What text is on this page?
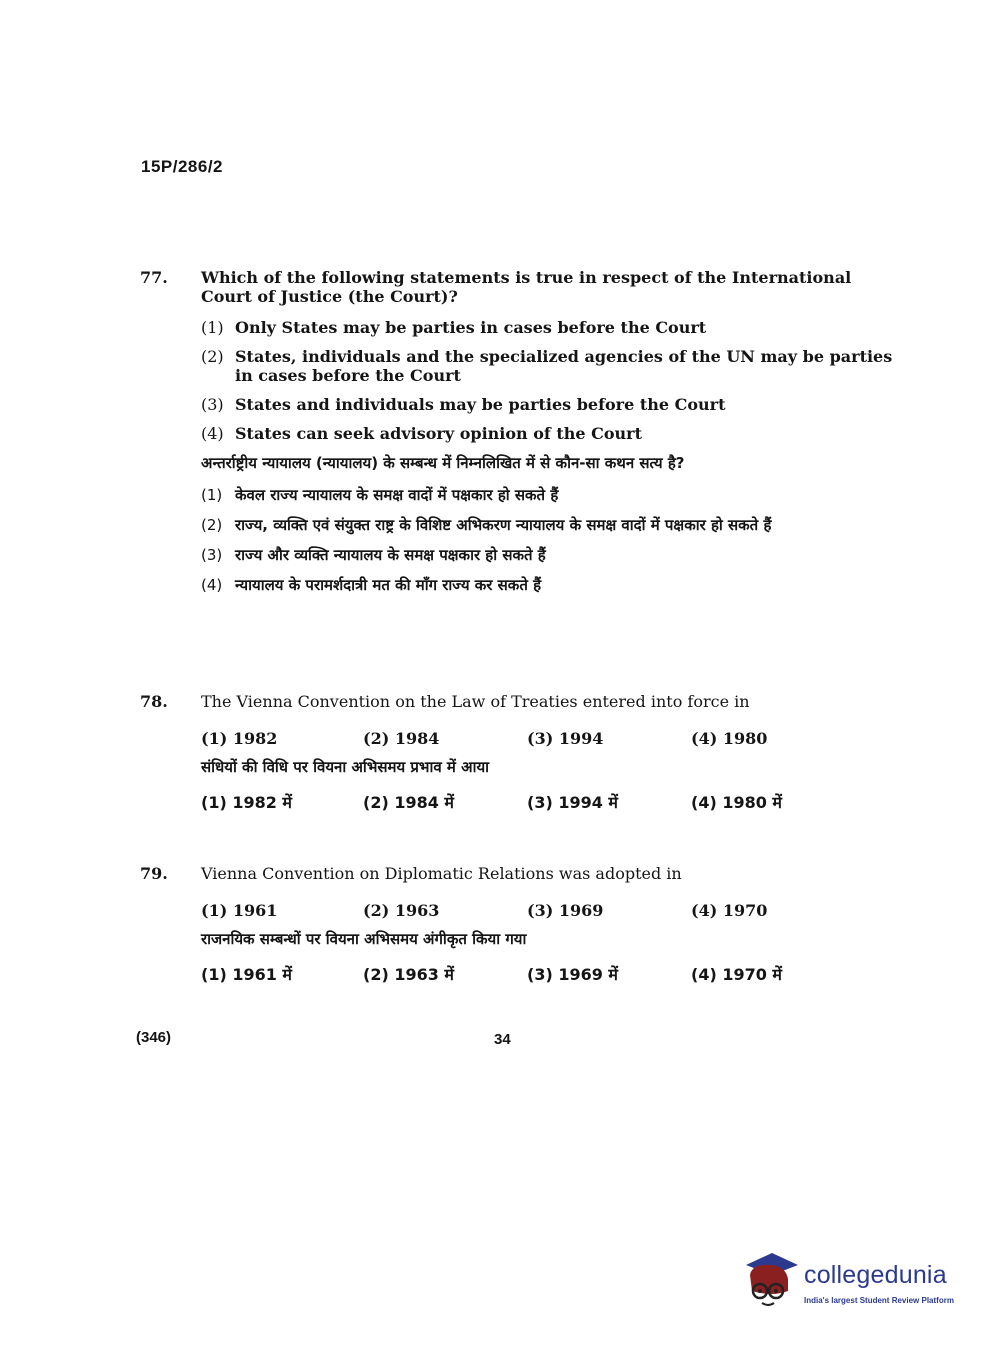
15P/286/2
77. Which of the following statements is true in respect of the International Court of Justice (the Court)?
(1) Only States may be parties in cases before the Court
(2) States, individuals and the specialized agencies of the UN may be parties in cases before the Court
(3) States and individuals may be parties before the Court
(4) States can seek advisory opinion of the Court
अन्तर्राष्ट्रीय न्यायालय (न्यायालय) के सम्बन्ध में निम्नलिखित में से कौन-सा कथन सत्य है?
(1) केवल राज्य न्यायालय के समक्ष वादों में पक्षकार हो सकते हैं
(2) राज्य, व्यक्ति एवं संयुक्त राष्ट्र के विशिष्ट अभिकरण न्यायालय के समक्ष वादों में पक्षकार हो सकते हैं
(3) राज्य और व्यक्ति न्यायालय के समक्ष पक्षकार हो सकते हैं
(4) न्यायालय के परामर्शदात्री मत की माँग राज्य कर सकते हैं
78. The Vienna Convention on the Law of Treaties entered into force in
(1) 1982	(2) 1984	(3) 1994	(4) 1980
संधियों की विधि पर वियना अभिसमय प्रभाव में आया
(1) 1982 में	(2) 1984 में	(3) 1994 में	(4) 1980 में
79. Vienna Convention on Diplomatic Relations was adopted in
(1) 1961	(2) 1963	(3) 1969	(4) 1970
राजनयिक सम्बन्धों पर वियना अभिसमय अंगीकृत किया गया
(1) 1961 में	(2) 1963 में	(3) 1969 में	(4) 1970 में
(346)	34
collegedunia
India's largest Student Review Platform
